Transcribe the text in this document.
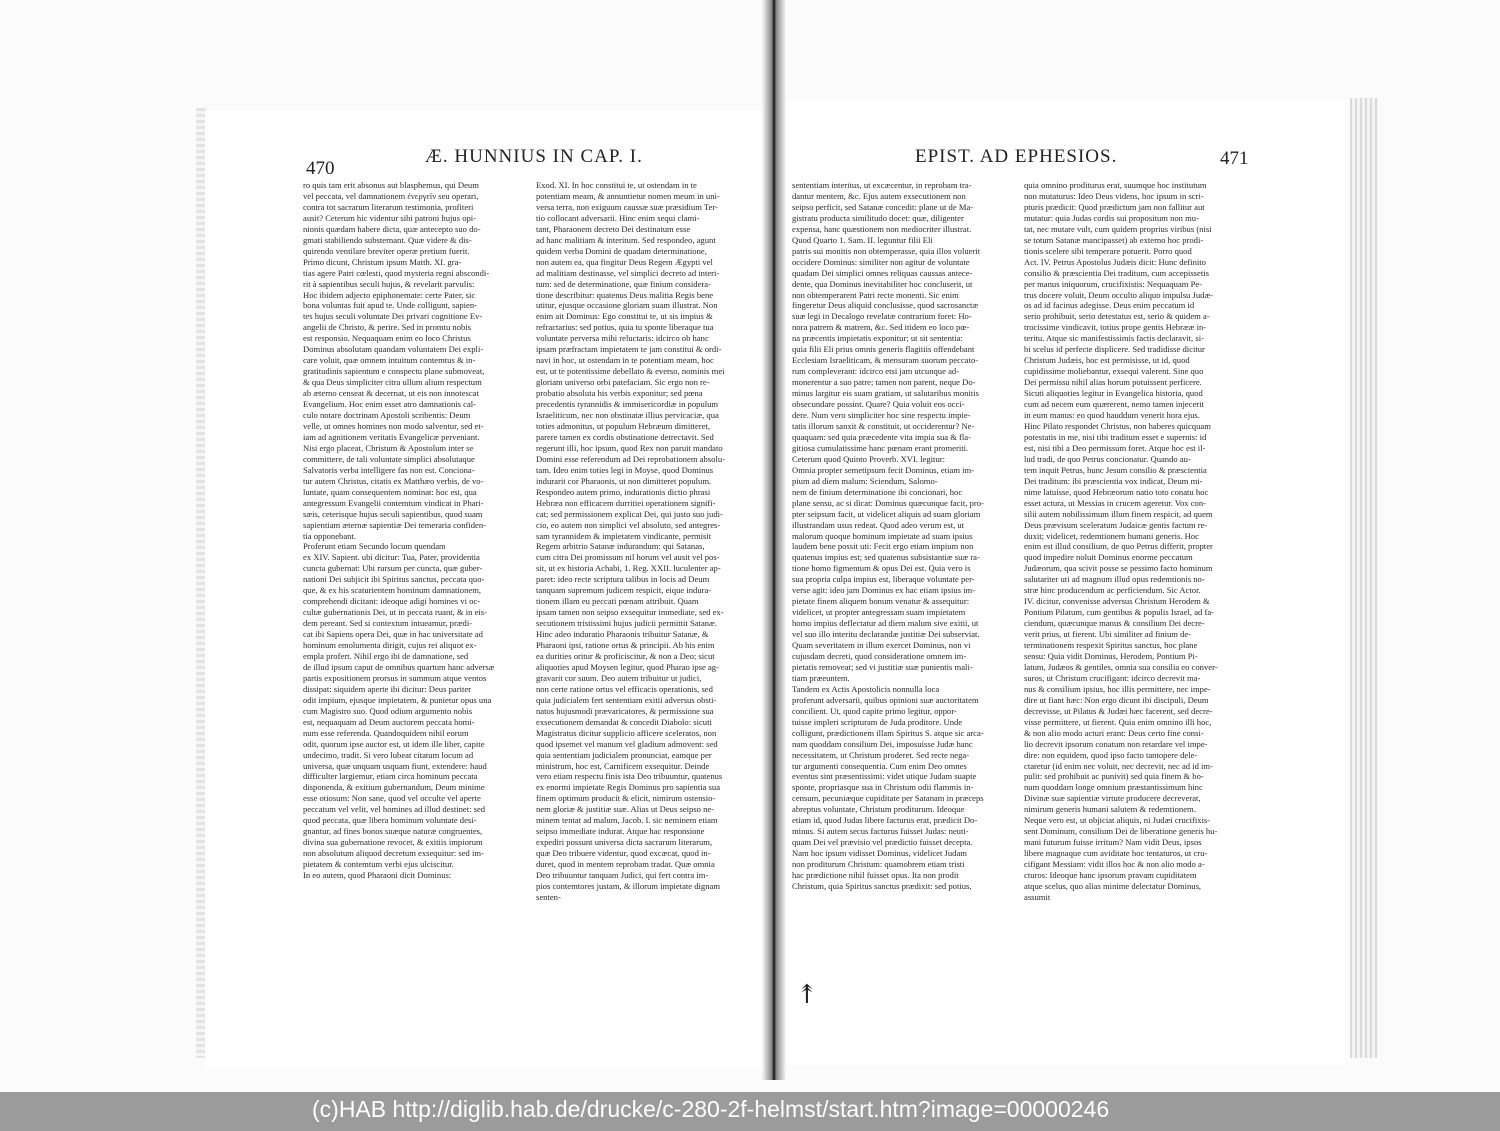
↟
470
Æ. HUNNIUS IN CAP. I.	EPIST. AD EPHESIOS.	471
ro quis tam erit absonus aut blasphemus, qui Deum
vel peccata, vel damnationem ἐνεργεῖν seu operari,
contra tot sacrarum literarum testimonia, profiteri
ausit? Ceterum hic videntur sibi patroni hujus opi-
nionis quædam habere dicta, quæ antecepto suo do-
gmati stabiliendo substernant. Quæ videre & dis-
quirendo ventilare breviter operæ pretium fuerit.
Primo dicunt, Christum ipsum Matth. XI. gra-
tias agere Patri cœlesti, quod mysteria regni abscondi-
rit à sapientibus seculi hujus, & revelarit parvulis:
Hoc ibidem adjecto epiphonemate: certe Pater, sic
bona voluntas fuit apud te. Unde colligunt, sapien-
tes hujus seculi voluntate Dei privari cognitione Ev-
angelii de Christo, & perire. Sed in promtu nobis
est responsio. Nequaquam enim eo loco Christus
Dominus absolutam quandam voluntatem Dei expli-
care voluit, quæ omnem intuitum contemtus & in-
gratitudinis sapientum e conspectu plane submoveat,
& qua Deus simpliciter citra ullum alium respectum
ab æterno censeat & decernat, ut eis non innotescat
Evangelium. Hoc enim esset atro damnationis cal-
culo notare doctrinam Apostoli scribentis: Deum
velle, ut omnes homines non modo salventur, sed et-
iam ad agnitionem veritatis Evangelicæ perveniant.
Nisi ergo placeat, Christum & Apostolum inter se
committere, de tali voluntate simplici absolutaque
Salvatoris verba intelligere fas non est. Conciona-
tur autem Christus, citatis ex Matthæo verbis, de vo-
luntate, quam consequentem nominat: hoc est, qua
antegressum Evangelii contemtum vindicat in Phari-
sæis, ceterisque hujus seculi sapientibus, quod suam
sapientiam æternæ sapientiæ Dei temeraria confiden-
tia opponebant.
Proferunt etiam Secundo locum quendam
ex XIV. Sapient. ubi dicitur: Tua, Pater, providentia
cuncta gubernat: Ubi rursum per cuncta, quæ guber-
nationi Dei subjicit ibi Spiritus sanctus, peccata quo-
que, & ex his scaturientem hominum damnationem,
comprehendi dicitant: ideoque adigi homines vi oc-
cultæ gubernationis Dei, ut in peccata ruant, & in eis-
dem pereant. Sed si contextum intueamur, prædi-
cat ibi Sapiens opera Dei, quæ in hac universitate ad
hominum emolumenta dirigit, cujus rei aliquot ex-
empla profert. Nihil ergo ibi de damnatione, sed
de illud ipsum caput de omnibus quartum hanc adversæ
partis expositionem prorsus in summum atque ventos
dissipat: siquidem aperte ibi dicitur: Deus pariter
odit impium, ejusque impietatem, & punietur opus una
cum Magistro suo. Quod odium argumento nobis
est, nequaquam ad Deum auctorem peccata homi-
num esse referenda. Quandoquidem nihil eorum
odit, quorum ipse auctor est, ut idem ille liber, capite
undecimo, tradit. Si vero lubeat citatum locum ad
universa, quæ unquam usquam fiunt, extendere: haud
difficulter largiemur, etiam circa hominum peccata
disponenda, & exitium gubernandum, Deum minime
esse otiosum: Non sane, quod vel occulte vel aperte
peccatum vel velit, vel homines ad illud destinet: sed
quod peccata, quæ libera hominum voluntate desi-
gnantur, ad fines bonos suæque naturæ congruentes,
divina sua gubernatione revocet, & exitiis impiorum
non absolutum aliquod decretum exsequitur: sed im-
pietatem & contemtum verbi ejus ulciscitur.
In eo autem, quod Pharaoni dicit Dominus:
Exod. XI. In hoc constitui te, ut ostendam in te
potentiam meam, & annuntietur nomen meum in uni-
versa terra, non exiguum caussæ suæ præsidium Ter-
tio collocant adversarii. Hinc enim sequi clami-
tant, Pharaonem decreto Dei destinatum esse
ad hanc malitiam & interitum. Sed respondeo, agunt
quidem verba Domini de quadam determinatione,
non autem ea, qua fingitur Deus Regem Ægypti vel
ad malitiam destinasse, vel simplici decreto ad interi-
tum: sed de determinatione, quæ finium considera-
tione describitur: quatenus Deus malitia Regis bene
utitur, ejusque occasione gloriam suam illustrat. Non
enim ait Dominus: Ego constitui te, ut sis impius &
refractarius: sed potius, quia tu sponte liberaque tua
voluntate perversa mihi reluctaris: idcirco ob hanc
ipsam præfractam impietatem te jam constitui & ordi-
navi in hoc, ut ostendam in te potentiam meam, hoc
est, ut te potentissime debellato & everso, nominis mei
gloriam universo orbi patefaciam. Sic ergo non re-
probatio absoluta his verbis exponitur; sed pœna
precedentis tyrannidis & immisericordiæ in populum
Israeliticum, nec non obstinatæ illius pervicaciæ, qua
toties admonitus, ut populum Hebræum dimitteret,
parere tamen ex cordis obstinatione detrectavit. Sed
regerunt illi, hoc ipsum, quod Rex non paruit mandato
Domini esse referendum ad Dei reprobationem absolu-
tam. Ideo enim toties legi in Moyse, quod Dominus
indurarit cor Pharaonis, ut non dimitteret populum.
Respondeo autem primo, indurationis dictio phrasi
Hebræa non efficacem durritiei operationem signifi-
cat; sed permissionem explicat Dei, qui justo suo judi-
cio, eo autem non simplici vel absoluto, sed antegres-
sam tyrannidem & impietatem vindicante, permisit
Regem arbitrio Satanæ indurandum: qui Satanas,
cum citra Dei promissum nil horum vel ausit vel pos-
sit, ut ex historia Achabi, 1. Reg. XXII. luculenter ap-
paret: ideo recte scriptura talibus in locis ad Deum
tanquam supremum judicem respicit, eique indura-
tionem illam eu peccati pœnam attribuit. Quam
ipsam tamen non seipso exsequitur immediate, sed ex-
secutionem tristissimi hujus judicii permittit Satanæ.
Hinc adeo induratio Pharaonis tribuitur Satanæ, &
Pharaoni ipsi, ratione ortus & principii. Ab his enim
ea durities oritur & proficiscitur, & non a Deo; sicut
aliquoties apud Moysen legitur, quod Pharao ipse ag-
gravarit cor suum. Deo autem tribuitur ut judici,
non certe ratione ortus vel efficacis operationis, sed
quia judicialem fert sententiam exitii adversus obsti-
natos hujusmodi prævaricatores, & permissione sua
exsecutionem demandat & concedit Diabolo: sicuti
Magistratus dicitur supplicio afficere sceleratos, non
quod ipsemet vel manum vel gladium admovent: sed
quia sententiam judicialem pronunciat, eamque per
ministrum, hoc est, Carnificem exsequitur. Deinde
vero etiam respectu finis ista Deo tribuuntur, quatenus
ex enormi impietate Regis Dominus pro sapientia sua
finem optimum producit & elicit, nimirum ostensio-
nem gloriæ & justitiæ suæ. Alias ut Deus seipso ne-
minem tentat ad malum, Jacob. I. sic neminem etiam
seipso immediate indurat. Atque hac responsione
expediri possunt universa dicta sacrarum literarum,
quæ Deo tribuere videntur, quod excæcat, quod in-
duret, quod in mentem reprobam tradat. Quæ omnia
Deo tribuuntur tanquam Judici, qui fert contra im-
pios contemtores justam, & illorum impietate dignam
senten-
sententiam interitus, ut excæcentur, in reprobam tra-
dantur mentem, &c. Ejus autem exsecutionem non
seipso perficit, sed Satanæ concedit: plane ut de Ma-
gistratu producta similitudo docet: quæ, diligenter
expensa, hanc quæstionem non mediocriter illustrat.
Quod Quarto 1. Sam. II. leguntur filii Eli
patris sui monitis non obtemperasse, quia illos voluerit
occidere Dominus: similiter non agitur de voluntate
quadam Dei simplici omnes reliquas caussas antece-
dente, qua Dominus inevitabiliter hoc concluserit, ut
non obtemperarent Patri recte monenti. Sic enim
fingeretur Deus aliquid conclusisse, quod sacrosanctæ
suæ legi in Decalogo revelatæ contrarium foret: Ho-
nora patrem & matrem, &c. Sed itidem eo loco pœ-
na præcentis impietatis exponitur; ut sit sententia:
quia filii Eli prius omnis generis flagitiis offendebant
Ecclesiam Israeliticam, & mensuram suorum peccato-
rum compleverant: idcirco etsi jam utcunque ad-
monerentur a suo patre; tamen non parent, neque Do-
minus largitur eis suam gratiam, ut salutaribus monitis
obsecundare possint. Quare? Quia voluit eos occi-
dere. Num vero simpliciter hoc sine respectu impie-
tatis illorum sanxit & constituit, ut occiderentur? Ne-
quaquam: sed quia præcedente vita impia sua & fla-
gitiosa cumulatissime hanc pœnam erant promeriti.
Ceterum quod Quinto Proverb. XVI. legitur:
Omnia propter semetipsum fecit Dominus, etiam im-
pium ad diem malum: Sciendum, Salomo-
nem de finium determinatione ibi concionari, hoc
plane sensu, ac si dicat: Dominus quæcunque facit, pro-
pter seipsum facit, ut videlicet aliquis ad suam gloriam
illustrandam usus redeat. Quod adeo verum est, ut
malorum quoque hominum impietate ad suam ipsius
laudem bene possit uti: Fecit ergo etiam impium non
quatenus impius est; sed quatenus subsistantiæ suæ ra-
tione homo figmentum & opus Dei est. Quia vero is
sua propria culpa impius est, liberaque voluntate per-
verse agit: ideo jam Dominus ex hac etiam ipsius im-
pietate finem aliquem bonum venatur & assequitur:
videlicet, ut propter antegressam suam impietatem
homo impius deflectatur ad diem malum sive exitii, ut
vel suo illo interitu declarandæ justitiæ Dei subserviat.
Quam severitatem in illum exercet Dominus, non vi
cujusdam decreti, quod consideratione omnem im-
pietatis removeat; sed vi justitiæ suæ punientis mali-
tiam præeuntem.
Tandem ex Actis Apostolicis nonnulla loca
proferunt adversarii, quibus opinioni suæ auctoritatem
concilient. Ut, quod capite primo legitur, oppor-
tuisse impleri scripturam de Juda proditore. Unde
colligunt, prædictionem illam Spiritus S. atque sic arca-
num quoddam consilium Dei, imposuisse Judæ hanc
necessitatem, ut Christum proderet. Sed recte nega-
tur argumenti consequentia. Cum enim Deo omnes
eventus sint præsentissimi: videt utique Judam suapte
sponte, propriasque sua in Christum odii flammis in-
censum, pecuniæque cupiditate per Satanam in præceps
abreptus voluntate, Christum proditurum. Ideoque
etiam id, quod Judas libere facturus erat, prædicit Do-
minus. Si autem secus facturus fuisset Judas: neuti-
quam Dei vel prævisio vel prædictio fuisset decepta.
Nam hoc ipsum vidisset Dominus, videlicet Judam
non proditurum Christum: quamobrem etiam tristi
hac prædictione nihil fuisset opus. Ita non prodit
Christum, quia Spiritus sanctus prædixit: sed potius,
quia omnino proditurus erat, suumque hoc institutum
non mutaturus: Ideo Deus videns, hoc ipsum in scri-
pturis prædicit: Quod prædictum jam non fallitur aut
mutatur: quia Judas cordis sui propositum non mu-
tat, nec mutare vult, cum quidem proprius viribus (nisi
se totum Satanæ mancipasset) ab externo hoc prodi-
tionis scelere sibi temperare potuerit. Porro quod
Act. IV. Petrus Apostolus Judæis dicit: Hunc definito
consilio & præscientia Dei traditum, cum accepissetis
per manus iniquorum, crucifixistis: Nequaquam Pe-
trus docere voluit, Deum occulto aliquo impulsu Judæ-
os ad id facinus adegisse. Deus enim peccatum id
serio prohibuit, serio detestatus est, serio & quidem a-
trocissime vindicavit, totius prope gentis Hebrææ in-
teritu. Atque sic manifestissimis factis declaravit, si-
bi scelus id perfecte displicere. Sed tradidisse dicitur
Christum Judæis, hoc est permisisse, ut id, quod
cupidissime moliebantur, exsequi valerent. Sine quo
Dei permissu nihil alias horum potuissent perficere.
Sicuti aliquoties legitur in Evangelica historia, quod
cum ad necem eum quærerent, nemo tamen injecerit
in eum manus: eo quod hauddum venerit hora ejus.
Hinc Pilato respondet Christus, non haberes quicquam
potestatis in me, nisi tibi traditum esset e supernis: id
est, nisi tibi a Deo permissum foret. Atque hoc est il-
lud tradi, de quo Petrus concionatur. Quando au-
tem inquit Petrus, hunc Jesum consilio & præscientia
Dei traditum: ibi præscientia vox indicat, Deum mi-
nime latuisse, quod Hebræorum natio toto conatu hoc
esset actura, ut Messias in crucem ageretur. Vox con-
silii autem nobilissimum illum finem respicit, ad quem
Deus prævisum sceleratum Judaicæ gentis factum re-
duxit; videlicet, redemtionem humani generis. Hoc
enim est illud consilium, de quo Petrus differit, propter
quod impedire noluit Dominus enorme peccatum
Judæorum, qua scivit posse se pessimo facto hominum
salutariter uti ad magnum illud opus redemtionis no-
stræ hinc producendum ac perficiendum. Sic Actor.
IV. dicitur, convenisse adversus Christum Herodem &
Pontium Pilatum, cum gentibus & populis Israel, ad fa-
ciendum, quæcunque manus & consilium Dei decre-
verit prius, ut fierent. Ubi similiter ad finium de-
terminationem respexit Spiritus sanctus, hoc plane
sensu: Quia vidit Dominus, Herodem, Pontium Pi-
latum, Judæos & gentiles, omnia sua consilia eo conver-
suros, ut Christum crucifigant: idcirco decrevit ma-
nus & consilium ipsius, hoc illis permittere, nec impe-
dire ut fiant hæc: Non ergo dicunt ibi discipuli, Deum
decrevisse, ut Pilatus & Judæi hæc facerent, sed decre-
visse permittere, ut fierent. Quia enim omnino illi hoc,
& non alio modo acturi erant: Deus certo fine consi-
lio decrevit ipsorum conatum non retardare vel impe-
dire: non equidem, quod ipso facto tantopere dele-
ctaretur (id enim nec voluit, nec decrevit, nec ad id im-
pulit: sed prohibuit ac punivit) sed quia finem & bo-
num quoddam longe omnium præstantissimum hinc
Divinæ suæ sapientiæ virtute producere decreverat,
nimirum generis humani salutem & redemtionem.
Neque vero est, ut objiciat aliquis, ni Judæi crucifixis-
sent Dominum, consilium Dei de liberatione generis hu-
mani futurum fuisse irritum? Nam vidit Deus, ipsos
libere magnaque cum aviditate hoc tentaturos, ut cru-
cifigant Messiam: vidit illos hoc & non alio modo a-
cturos: Ideoque hanc ipsorum pravam cupiditatem
atque scelus, quo alias minime delectatur Dominus,
assumit
(c)HAB http://diglib.hab.de/drucke/c-280-2f-helmst/start.htm?image=00000246
